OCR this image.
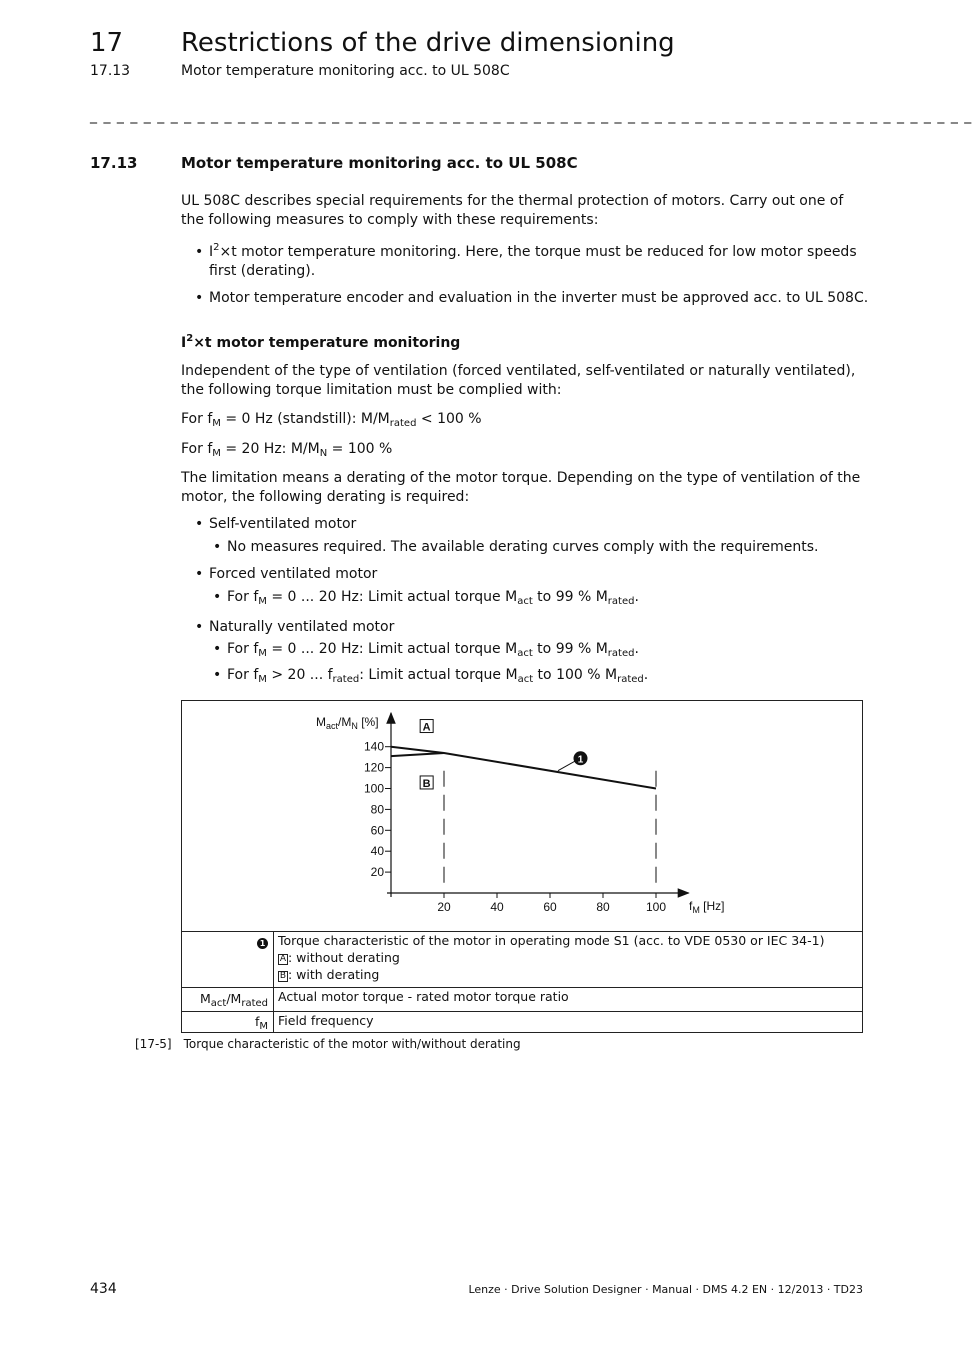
17 Restrictions of the drive dimensioning
17.13	Motor temperature monitoring acc. to UL 508C
_ _ _ _ _ _ _ _ _ _ _ _ _ _ _ _ _ _ _ _ _ _ _ _ _ _ _ _ _ _ _ _ _ _ _ _ _ _ _ _ _ _ _ _ _ _ _ _ _ _ _ _ _ _ _ _ _ _ _ _ _ _ _ _ _ _
17.13	Motor temperature monitoring acc. to UL 508C
UL 508C describes special requirements for the thermal protection of motors. Carry out one of the following measures to comply with these requirements:
• $I^2\times t$ motor temperature monitoring. Here, the torque must be reduced for low motor speeds
first (derating).
• Motor temperature encoder and evaluation in the inverter must be approved acc. to UL 508C.
$I^2\times t$ motor temperature monitoring
Independent of the type of ventilation (forced ventilated, self-ventilated or naturally ventilated), the following torque limitation must be complied with:
For $f_M = 0$ Hz (standstill): $M/M_{rated} < 100$ %
For $f_M = 20$ Hz: $M/M_N = 100$ %
The limitation means a derating of the motor torque. Depending on the type of ventilation of the motor, the following derating is required:
• Self-ventilated motor
• No measures required. The available derating curves comply with the requirements.
• Forced ventilated motor
• For $f_M = 0$ ... 20 Hz: Limit actual torque $M_{act}$ to 99 % $M_{rated}$.
• Naturally ventilated motor
• For $f_M = 0$ ... 20 Hz: Limit actual torque $M_{act}$ to 99 % $M_{rated}$.
• For $f_M > 20$ ... $f_{rated}$: Limit actual torque $M_{act}$ to 100 % $M_{rated}$.
20
40
60
80
100
120
140
20	40	60	80	100
A
B
1
$M_{act}/M_N$ [%]
$f_M$ [Hz]
1	Torque characteristic of the motor in operating mode S1 (acc. to VDE 0530 or IEC 34-1)
A : without derating
B : with derating
$M_{act}/M_{rated}$ Actual motor torque - rated motor torque ratio
$f_M$ Field frequency
[17-5] Torque characteristic of the motor with/without derating
434	Lenze · Drive Solution Designer · Manual · DMS 4.2 EN · 12/2013 · TD23
